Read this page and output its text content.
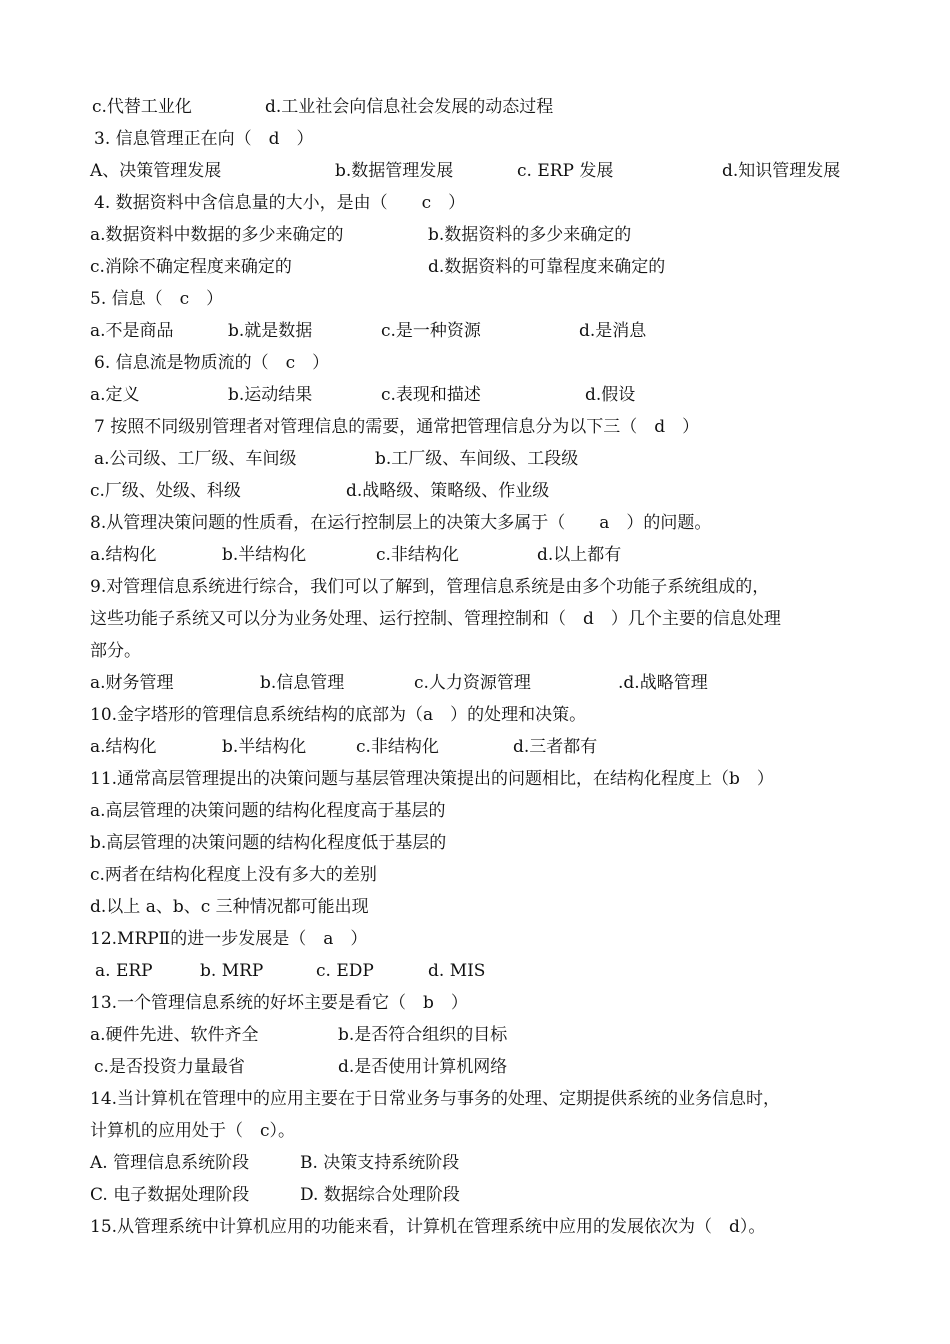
c.代替工业化	d.工业社会向信息社会发展的动态过程
3. 信息管理正在向（　d　）
A、决策管理发展	b.数据管理发展	c. ERP 发展	d.知识管理发展
4. 数据资料中含信息量的大小，是由（　　c　）
a.数据资料中数据的多少来确定的	b.数据资料的多少来确定的
c.消除不确定程度来确定的	d.数据资料的可靠程度来确定的
5. 信息（　c　）
a.不是商品	b.就是数据	c.是一种资源	d.是消息
6. 信息流是物质流的（　c　）
a.定义	b.运动结果	c.表现和描述	d.假设
7 按照不同级别管理者对管理信息的需要，通常把管理信息分为以下三（　d　）
a.公司级、工厂级、车间级	b.工厂级、车间级、工段级
c.厂级、处级、科级	d.战略级、策略级、作业级
8.从管理决策问题的性质看，在运行控制层上的决策大多属于（　　a　）的问题。
a.结构化	b.半结构化	c.非结构化	d.以上都有
9.对管理信息系统进行综合，我们可以了解到，管理信息系统是由多个功能子系统组成的，
这些功能子系统又可以分为业务处理、运行控制、管理控制和（　d　）几个主要的信息处理
部分。
a.财务管理	b.信息管理	c.人力资源管理	.d.战略管理
10.金字塔形的管理信息系统结构的底部为（a　）的处理和决策。
a.结构化	b.半结构化	c.非结构化	d.三者都有
11.通常高层管理提出的决策问题与基层管理决策提出的问题相比，在结构化程度上（b　）
a.高层管理的决策问题的结构化程度高于基层的
b.高层管理的决策问题的结构化程度低于基层的
c.两者在结构化程度上没有多大的差别
d.以上 a、b、c 三种情况都可能出现
12.MRPⅡ的进一步发展是（　a　）
a. ERP	b. MRP	c. EDP	d. MIS
13.一个管理信息系统的好坏主要是看它（　b　）
a.硬件先进、软件齐全	b.是否符合组织的目标
c.是否投资力量最省	d.是否使用计算机网络
14.当计算机在管理中的应用主要在于日常业务与事务的处理、定期提供系统的业务信息时，
计算机的应用处于（　c）。
A. 管理信息系统阶段	B. 决策支持系统阶段
C. 电子数据处理阶段	D. 数据综合处理阶段
15.从管理系统中计算机应用的功能来看，计算机在管理系统中应用的发展依次为（　d）。
